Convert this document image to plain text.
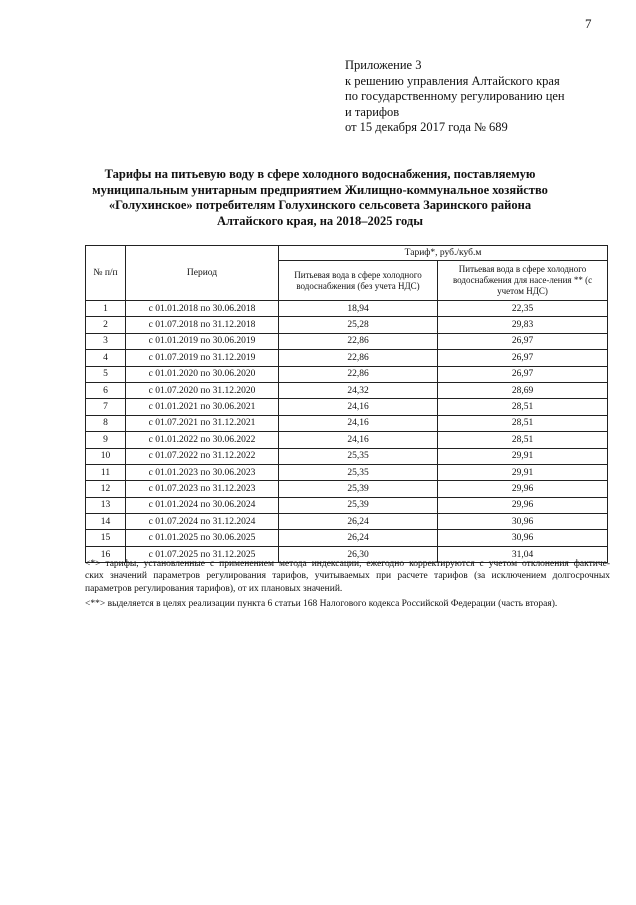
7
Приложение 3
к решению управления Алтайского края
по государственному регулированию цен
и тарифов
от 15 декабря 2017 года № 689
Тарифы на питьевую воду в сфере холодного водоснабжения, поставляемую
муниципальным унитарным предприятием Жилищно-коммунальное хозяйство
«Голухинское» потребителям Голухинского сельсовета Заринского района
Алтайского края, на 2018–2025 годы
№ п/п	Период	Тариф*, руб./куб.м	
		Питьевая вода в сфере холодного водоснабжения (без учета НДС)	Питьевая вода в сфере холодного водоснабжения для насе-ления ** (с учетом НДС)
1	с 01.01.2018 по 30.06.2018	18,94	22,35
2	с 01.07.2018 по 31.12.2018	25,28	29,83
3	с 01.01.2019 по 30.06.2019	22,86	26,97
4	с 01.07.2019 по 31.12.2019	22,86	26,97
5	с 01.01.2020 по 30.06.2020	22,86	26,97
6	с 01.07.2020 по 31.12.2020	24,32	28,69
7	с 01.01.2021 по 30.06.2021	24,16	28,51
8	с 01.07.2021 по 31.12.2021	24,16	28,51
9	с 01.01.2022 по 30.06.2022	24,16	28,51
10	с 01.07.2022 по 31.12.2022	25,35	29,91
11	с 01.01.2023 по 30.06.2023	25,35	29,91
12	с 01.07.2023 по 31.12.2023	25,39	29,96
13	с 01.01.2024 по 30.06.2024	25,39	29,96
14	с 01.07.2024 по 31.12.2024	26,24	30,96
15	с 01.01.2025 по 30.06.2025	26,24	30,96
16	с 01.07.2025 по 31.12.2025	26,30	31,04
<*> тарифы, установленные с применением метода индексации, ежегодно корректируются с учетом отклонения фактиче-
ских значений параметров регулирования тарифов, учитываемых при расчете тарифов (за исключением долгосрочных
параметров регулирования тарифов), от их плановых значений.
<**> выделяется в целях реализации пункта 6 статьи 168 Налогового кодекса Российской Федерации (часть вторая).
